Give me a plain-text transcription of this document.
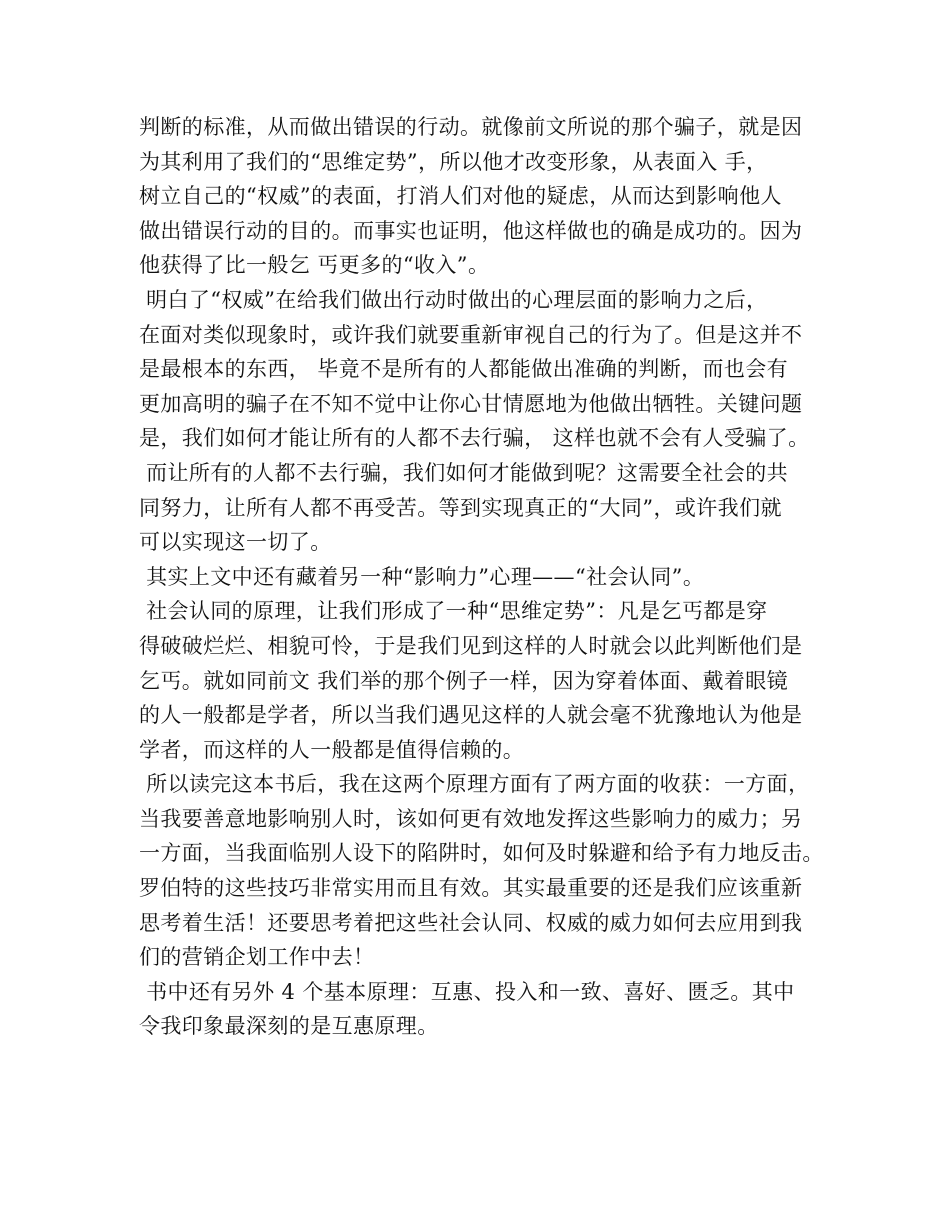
判断的标准，从而做出错误的行动。就像前文所说的那个骗子，就是因
为其利用了我们的“思维定势”，所以他才改变形象，从表面入 手，
树立自己的“权威”的表面，打消人们对他的疑虑，从而达到影响他人
做出错误行动的目的。而事实也证明，他这样做也的确是成功的。因为
他获得了比一般乞 丐更多的“收入”。
明白了“权威”在给我们做出行动时做出的心理层面的影响力之后，
在面对类似现象时，或许我们就要重新审视自己的行为了。但是这并不
是最根本的东西， 毕竟不是所有的人都能做出准确的判断，而也会有
更加高明的骗子在不知不觉中让你心甘情愿地为他做出牺牲。关键问题
是，我们如何才能让所有的人都不去行骗， 这样也就不会有人受骗了。
而让所有的人都不去行骗，我们如何才能做到呢？这需要全社会的共
同努力，让所有人都不再受苦。等到实现真正的“大同”，或许我们就
可以实现这一切了。
其实上文中还有藏着另一种“影响力”心理——“社会认同”。
社会认同的原理，让我们形成了一种“思维定势”：凡是乞丐都是穿
得破破烂烂、相貌可怜，于是我们见到这样的人时就会以此判断他们是
乞丐。就如同前文 我们举的那个例子一样，因为穿着体面、戴着眼镜
的人一般都是学者，所以当我们遇见这样的人就会毫不犹豫地认为他是
学者，而这样的人一般都是值得信赖的。
所以读完这本书后，我在这两个原理方面有了两方面的收获：一方面，
当我要善意地影响别人时，该如何更有效地发挥这些影响力的威力；另
一方面，当我面临别人设下的陷阱时，如何及时躲避和给予有力地反击。
罗伯特的这些技巧非常实用而且有效。其实最重要的还是我们应该重新
思考着生活！还要思考着把这些社会认同、权威的威力如何去应用到我
们的营销企划工作中去！
书中还有另外 4 个基本原理：互惠、投入和一致、喜好、匮乏。其中
令我印象最深刻的是互惠原理。
